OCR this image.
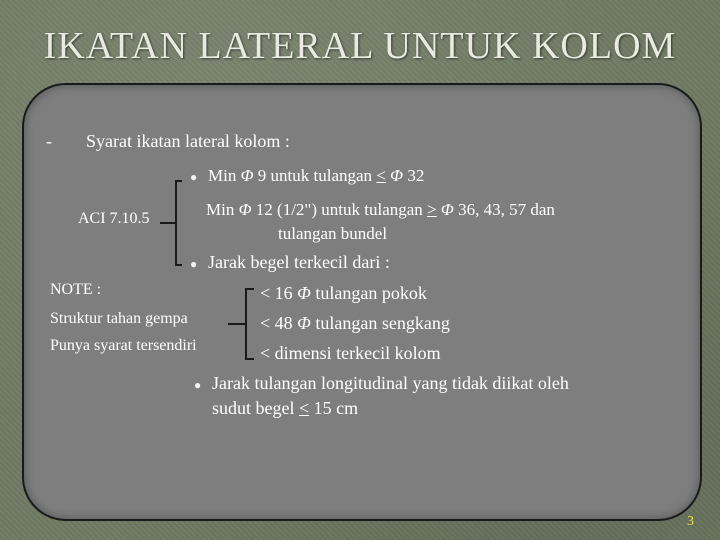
IKATAN LATERAL UNTUK KOLOM
- Syarat ikatan lateral kolom :
ACI 7.10.5
● Min Φ 9 untuk tulangan ≤ Φ 32
Min Φ 12 (1/2") untuk tulangan ≥ Φ 36, 43, 57 dan
tulangan bundel
● Jarak begel terkecil dari :
< 16 Φ tulangan pokok
< 48 Φ tulangan sengkang
< dimensi terkecil kolom
NOTE :
Struktur tahan gempa
Punya syarat tersendiri
● Jarak tulangan longitudinal yang tidak diikat oleh
sudut begel ≤ 15 cm
3
